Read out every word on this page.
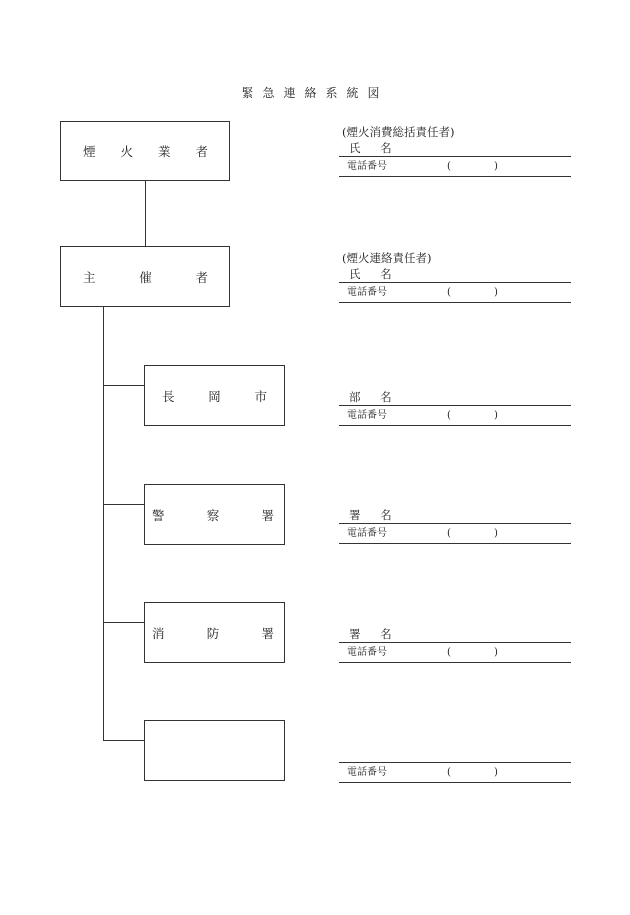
緊急連絡系統図
煙 火 業 者
主	催	者
長	岡	市
警	察	署
消	防	署
(煙火消費総括責任者)
氏 名
電話番号	(	)
(煙火連絡責任者)
氏 名
電話番号	(	)
部 名
電話番号	(	)
署 名
電話番号	(	)
署 名
電話番号	(	)
電話番号	(	)
